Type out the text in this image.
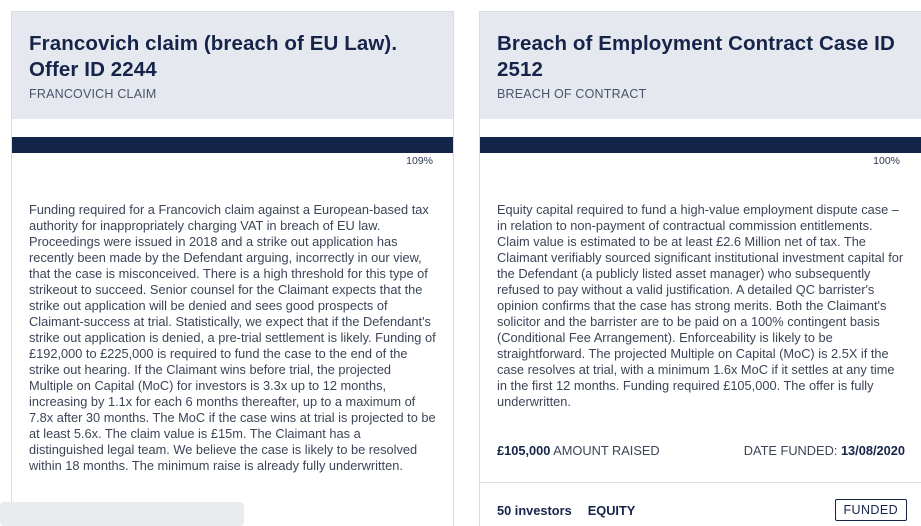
Francovich claim (breach of EU Law). Offer ID 2244
FRANCOVICH CLAIM
109%
Funding required for a Francovich claim against a European-based tax authority for inappropriately charging VAT in breach of EU law. Proceedings were issued in 2018 and a strike out application has recently been made by the Defendant arguing, incorrectly in our view, that the case is misconceived. There is a high threshold for this type of strikeout to succeed. Senior counsel for the Claimant expects that the strike out application will be denied and sees good prospects of Claimant-success at trial. Statistically, we expect that if the Defendant's strike out application is denied, a pre-trial settlement is likely. Funding of £192,000 to £225,000 is required to fund the case to the end of the strike out hearing. If the Claimant wins before trial, the projected Multiple on Capital (MoC) for investors is 3.3x up to 12 months, increasing by 1.1x for each 6 months thereafter, up to a maximum of 7.8x after 30 months. The MoC if the case wins at trial is projected to be at least 5.6x. The claim value is £15m. The Claimant has a distinguished legal team. We believe the case is likely to be resolved within 18 months. The minimum raise is already fully underwritten.
Breach of Employment Contract Case ID 2512
BREACH OF CONTRACT
100%
Equity capital required to fund a high-value employment dispute case – in relation to non-payment of contractual commission entitlements. Claim value is estimated to be at least £2.6 Million net of tax. The Claimant verifiably sourced significant institutional investment capital for the Defendant (a publicly listed asset manager) who subsequently refused to pay without a valid justification. A detailed QC barrister's opinion confirms that the case has strong merits. Both the Claimant's solicitor and the barrister are to be paid on a 100% contingent basis (Conditional Fee Arrangement). Enforceability is likely to be straightforward. The projected Multiple on Capital (MoC) is 2.5X if the case resolves at trial, with a minimum 1.6x MoC if it settles at any time in the first 12 months. Funding required £105,000. The offer is fully underwritten.
£105,000 AMOUNT RAISED	DATE FUNDED: 13/08/2020
50 investors EQUITY	FUNDED
